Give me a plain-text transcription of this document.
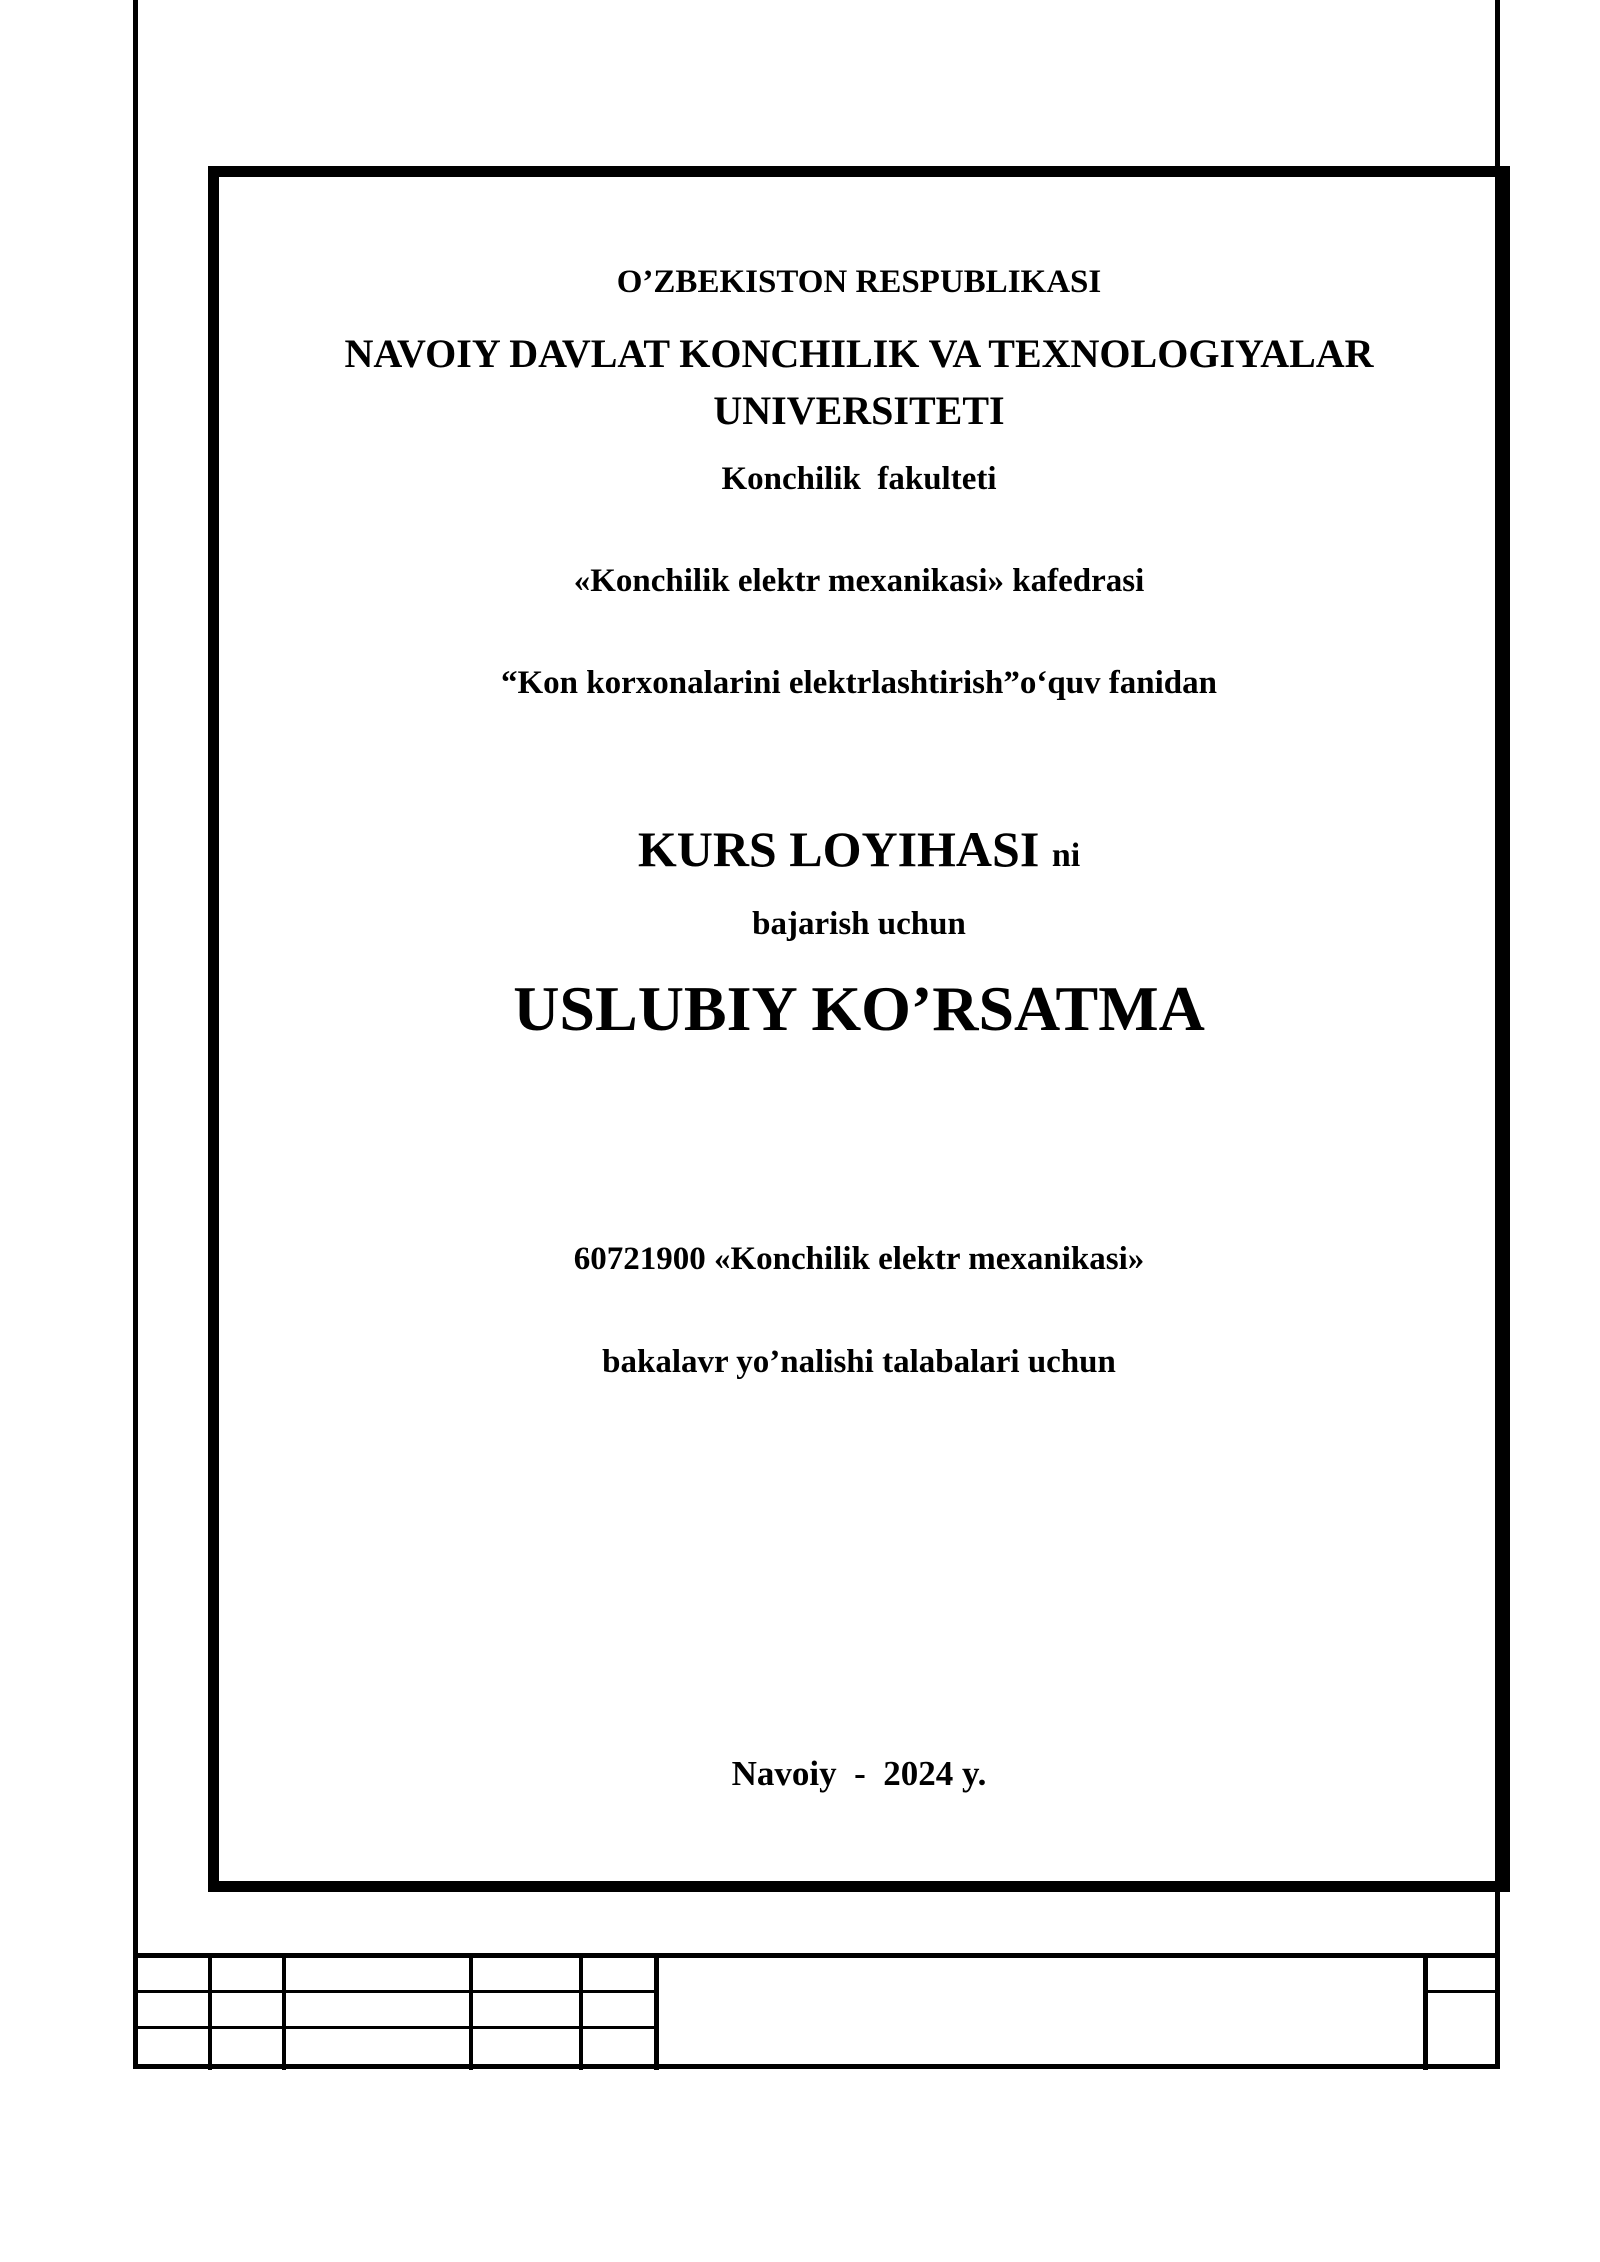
O’ZBEKISTON RESPUBLIKASI
NAVOIY DAVLAT KONCHILIK VA TEXNOLOGIYALAR
UNIVERSITETI
Konchilik  fakulteti
«Konchilik elektr mexanikasi» kafedrasi
“Kon korxonalarini elektrlashtirish”o‘quv fanidan
KURS LOYIHASI ni
bajarish uchun
USLUBIY KO’RSATMA
60721900 «Konchilik elektr mexanikasi»
bakalavr yo’nalishi talabalari uchun
Navoiy  -  2024 y.
